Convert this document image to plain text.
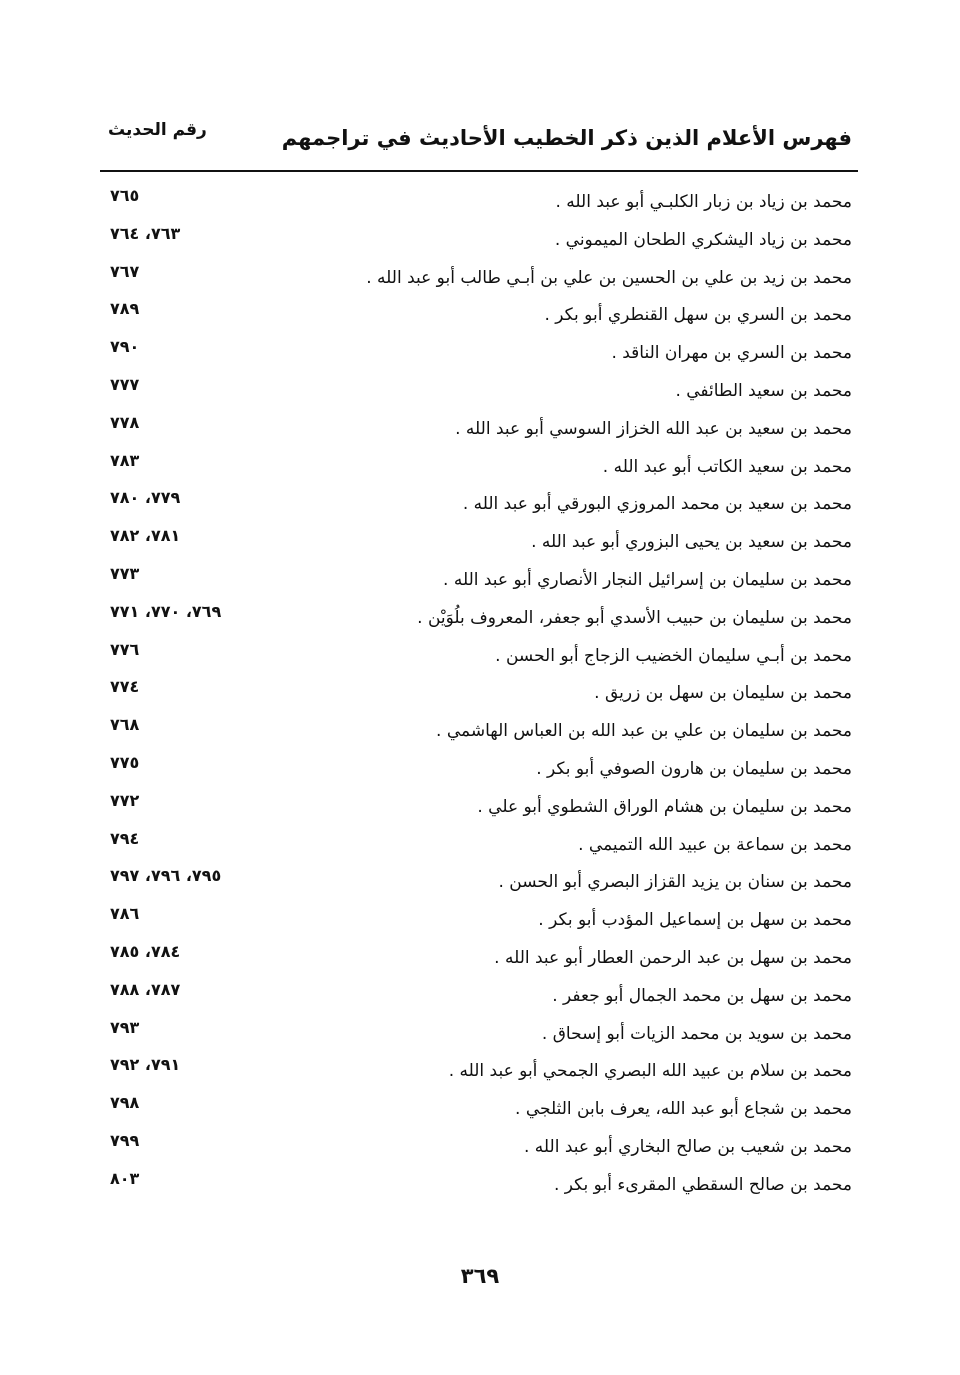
فهرس الأعلام الذين ذكر الخطيب الأحاديث في تراجمهم
رقم الحديث
محمد بن زياد بن زبار الكلبـي أبو عبد الله .
٧٦٥
محمد بن زياد اليشكري الطحان الميموني .
٧٦٣، ٧٦٤
محمد بن زيد بن علي بن الحسين بن علي بن أبـي طالب أبو عبد الله .
٧٦٧
محمد بن السري بن سهل القنطري أبو بكر .
٧٨٩
محمد بن السري بن مهران الناقد .
٧٩٠
محمد بن سعيد الطائفي .
٧٧٧
محمد بن سعيد بن عبد الله الخزاز السوسي أبو عبد الله .
٧٧٨
محمد بن سعيد الكاتب أبو عبد الله .
٧٨٣
محمد بن سعيد بن محمد المروزي البورقي أبو عبد الله .
٧٧٩، ٧٨٠
محمد بن سعيد بن يحيى البزوري أبو عبد الله .
٧٨١، ٧٨٢
محمد بن سليمان بن إسرائيل النجار الأنصاري أبو عبد الله .
٧٧٣
محمد بن سليمان بن حبيب الأسدي أبو جعفر، المعروف بلُوَيْن .
٧٦٩، ٧٧٠، ٧٧١
محمد بن أبـي سليمان الخضيب الزجاج أبو الحسن .
٧٧٦
محمد بن سليمان بن سهل بن زريق .
٧٧٤
محمد بن سليمان بن علي بن عبد الله بن العباس الهاشمي .
٧٦٨
محمد بن سليمان بن هارون الصوفي أبو بكر .
٧٧٥
محمد بن سليمان بن هشام الوراق الشطوي أبو علي .
٧٧٢
محمد بن سماعة بن عبيد الله التميمي .
٧٩٤
محمد بن سنان بن يزيد القزاز البصري أبو الحسن .
٧٩٥، ٧٩٦، ٧٩٧
محمد بن سهل بن إسماعيل المؤدب أبو بكر .
٧٨٦
محمد بن سهل بن عبد الرحمن العطار أبو عبد الله .
٧٨٤، ٧٨٥
محمد بن سهل بن محمد الجمال أبو جعفر .
٧٨٧، ٧٨٨
محمد بن سويد بن محمد الزيات أبو إسحاق .
٧٩٣
محمد بن سلام بن عبيد الله البصري الجمحي أبو عبد الله .
٧٩١، ٧٩٢
محمد بن شجاع أبو عبد الله، يعرف بابن الثلجي .
٧٩٨
محمد بن شعيب بن صالح البخاري أبو عبد الله .
٧٩٩
محمد بن صالح السقطي المقرىء أبو بكر .
٨٠٣
٣٦٩
